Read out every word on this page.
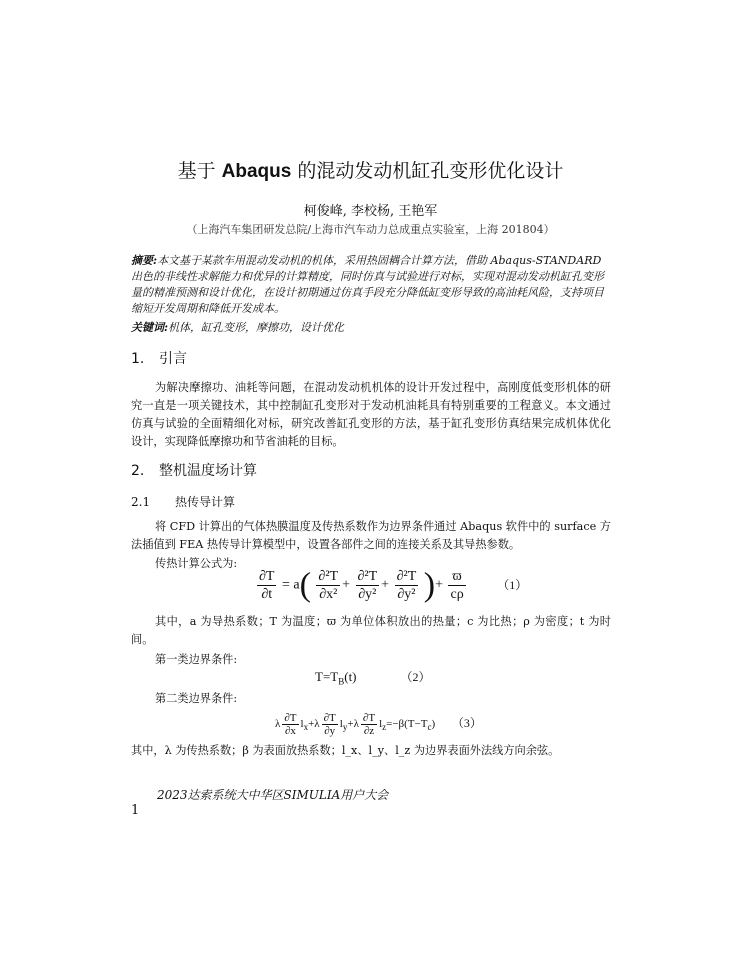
基于 Abaqus 的混动发动机缸孔变形优化设计
柯俊峰, 李校杨, 王艳军
（上海汽车集团研发总院/上海市汽车动力总成重点实验室，上海 201804）
摘要:本文基于某款车用混动发动机的机体，采用热固耦合计算方法，借助 Abaqus-STANDARD 出色的非线性求解能力和优异的计算精度，同时仿真与试验进行对标，实现对混动发动机缸孔变形量的精准预测和设计优化，在设计初期通过仿真手段充分降低缸变形导致的高油耗风险，支持项目缩短开发周期和降低开发成本。
关键词:机体，缸孔变形，摩擦功，设计优化
1. 引言
为解决摩擦功、油耗等问题，在混动发动机机体的设计开发过程中，高刚度低变形机体的研究一直是一项关键技术，其中控制缸孔变形对于发动机油耗具有特别重要的工程意义。本文通过仿真与试验的全面精细化对标，研究改善缸孔变形的方法，基于缸孔变形仿真结果完成机体优化设计，实现降低摩擦功和节省油耗的目标。
2. 整机温度场计算
2.1 热传导计算
将 CFD 计算出的气体热膜温度及传热系数作为边界条件通过 Abaqus 软件中的 surface 方法插值到 FEA 热传导计算模型中，设置各部件之间的连接关系及其导热参数。
传热计算公式为:
$\frac{\partial T}{\partial t} = a( \frac{\text{∂²T}}{\text{∂x²}} + \frac{\text{∂²T}}{\text{∂y²}} + \frac{\text{∂²T}}{\text{∂y²}}$ )+ $\frac{ϖ}{c\rho}$	（1）
其中，a 为导热系数；T 为温度；ϖ 为单位体积放出的热量；c 为比热；ρ 为密度；t 为时间。
第一类边界条件:
$T=T_B(t)$	（2）
第二类边界条件:
λ $\frac{\partial T}{\partial x} l_x+\lambda \frac{\partial T}{\partial y} l_y+\lambda \frac{\partial T}{\partial z} l_z=-\beta(T-T_c)$ （3）
其中，λ 为传热系数；β 为表面放热系数；l_x、l_y、l_z 为边界表面外法线方向余弦。
2023达索系统大中华区SIMULIA用户大会
1
